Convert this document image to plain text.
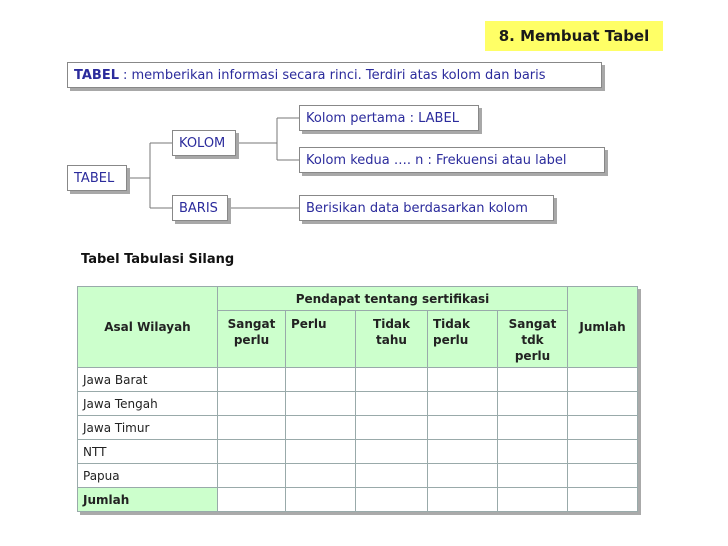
8. Membuat Tabel
TABEL : memberikan informasi secara rinci. Terdiri atas kolom dan baris
TABEL
KOLOM
BARIS
Kolom pertama : LABEL
Kolom kedua …. n : Frekuensi atau label
Berisikan data berdasarkan kolom
Tabel Tabulasi Silang
Asal Wilayah	Pendapat tentang sertifikasi					Jumlah
	Sangat perlu	Perlu	Tidak tahu	Tidak perlu	Sangat tdk perlu	
Jawa Barat						
Jawa Tengah						
Jawa Timur						
NTT						
Papua						
Jumlah						
